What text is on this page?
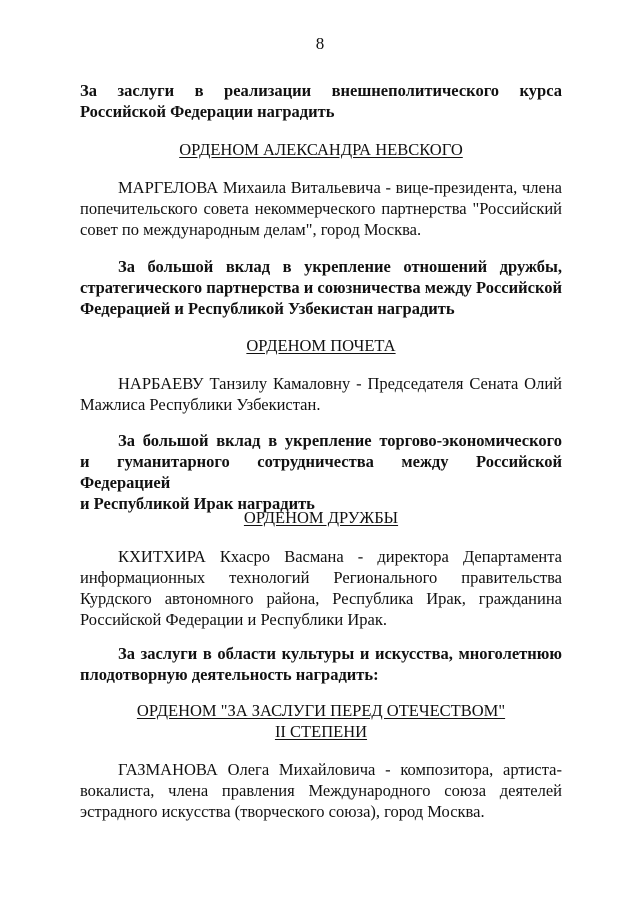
8
За заслуги в реализации внешнеполитического курса
Российской Федерации наградить
ОРДЕНОМ АЛЕКСАНДРА НЕВСКОГО
МАРГЕЛОВА Михаила Витальевича - вице-президента, члена
попечительского совета некоммерческого партнерства "Российский
совет по международным делам", город Москва.
За большой вклад в укрепление отношений дружбы,
стратегического партнерства и союзничества между Российской
Федерацией и Республикой Узбекистан наградить
ОРДЕНОМ ПОЧЕТА
НАРБАЕВУ Танзилу Камаловну - Председателя Сената Олий
Мажлиса Республики Узбекистан.
За большой вклад в укрепление торгово-экономического
и гуманитарного сотрудничества между Российской Федерацией
и Республикой Ирак наградить
ОРДЕНОМ ДРУЖБЫ
КХИТХИРА Кхасро Васмана - директора Департамента
информационных технологий Регионального правительства
Курдского автономного района, Республика Ирак, гражданина
Российской Федерации и Республики Ирак.
За заслуги в области культуры и искусства, многолетнюю
плодотворную деятельность наградить:
ОРДЕНОМ "ЗА ЗАСЛУГИ ПЕРЕД ОТЕЧЕСТВОМ"
II СТЕПЕНИ
ГАЗМАНОВА Олега Михайловича - композитора, артиста-
вокалиста, члена правления Международного союза деятелей
эстрадного искусства (творческого союза), город Москва.
